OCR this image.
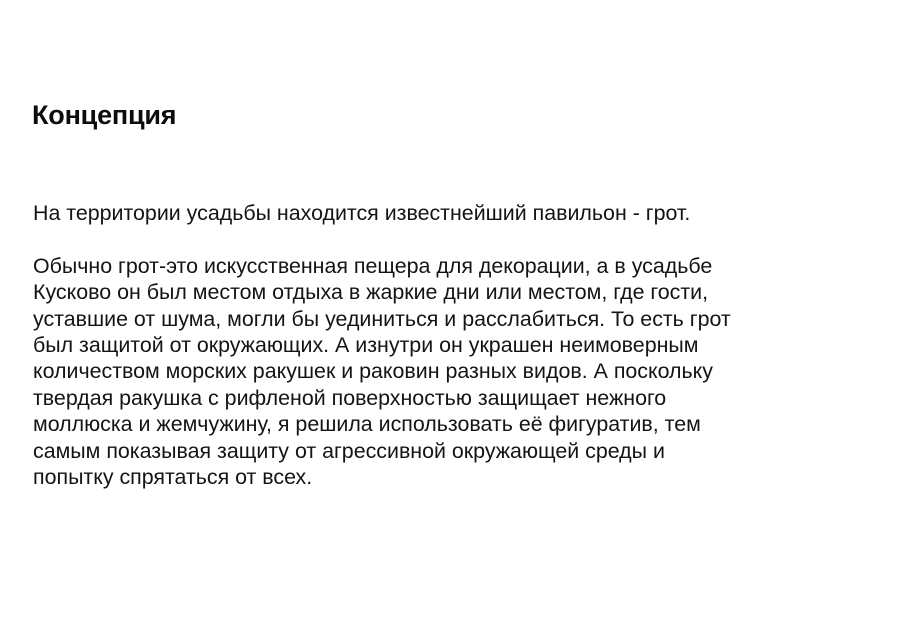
Концепция

На территории усадьбы находится известнейший павильон - грот.

Обычно грот-это искусственная пещера для декорации, а в усадьбе
Кусково он был местом отдыха в жаркие дни или местом, где гости,
уставшие от шума, могли бы уединиться и расслабиться. То есть грот
был защитой от окружающих. А изнутри он украшен неимоверным
количеством морских ракушек и раковин разных видов. А поскольку
твердая ракушка с рифленой поверхностью защищает нежного
моллюска и жемчужину, я решила использовать её фигуратив, тем
самым показывая защиту от агрессивной окружающей среды и
попытку спрятаться от всех.
